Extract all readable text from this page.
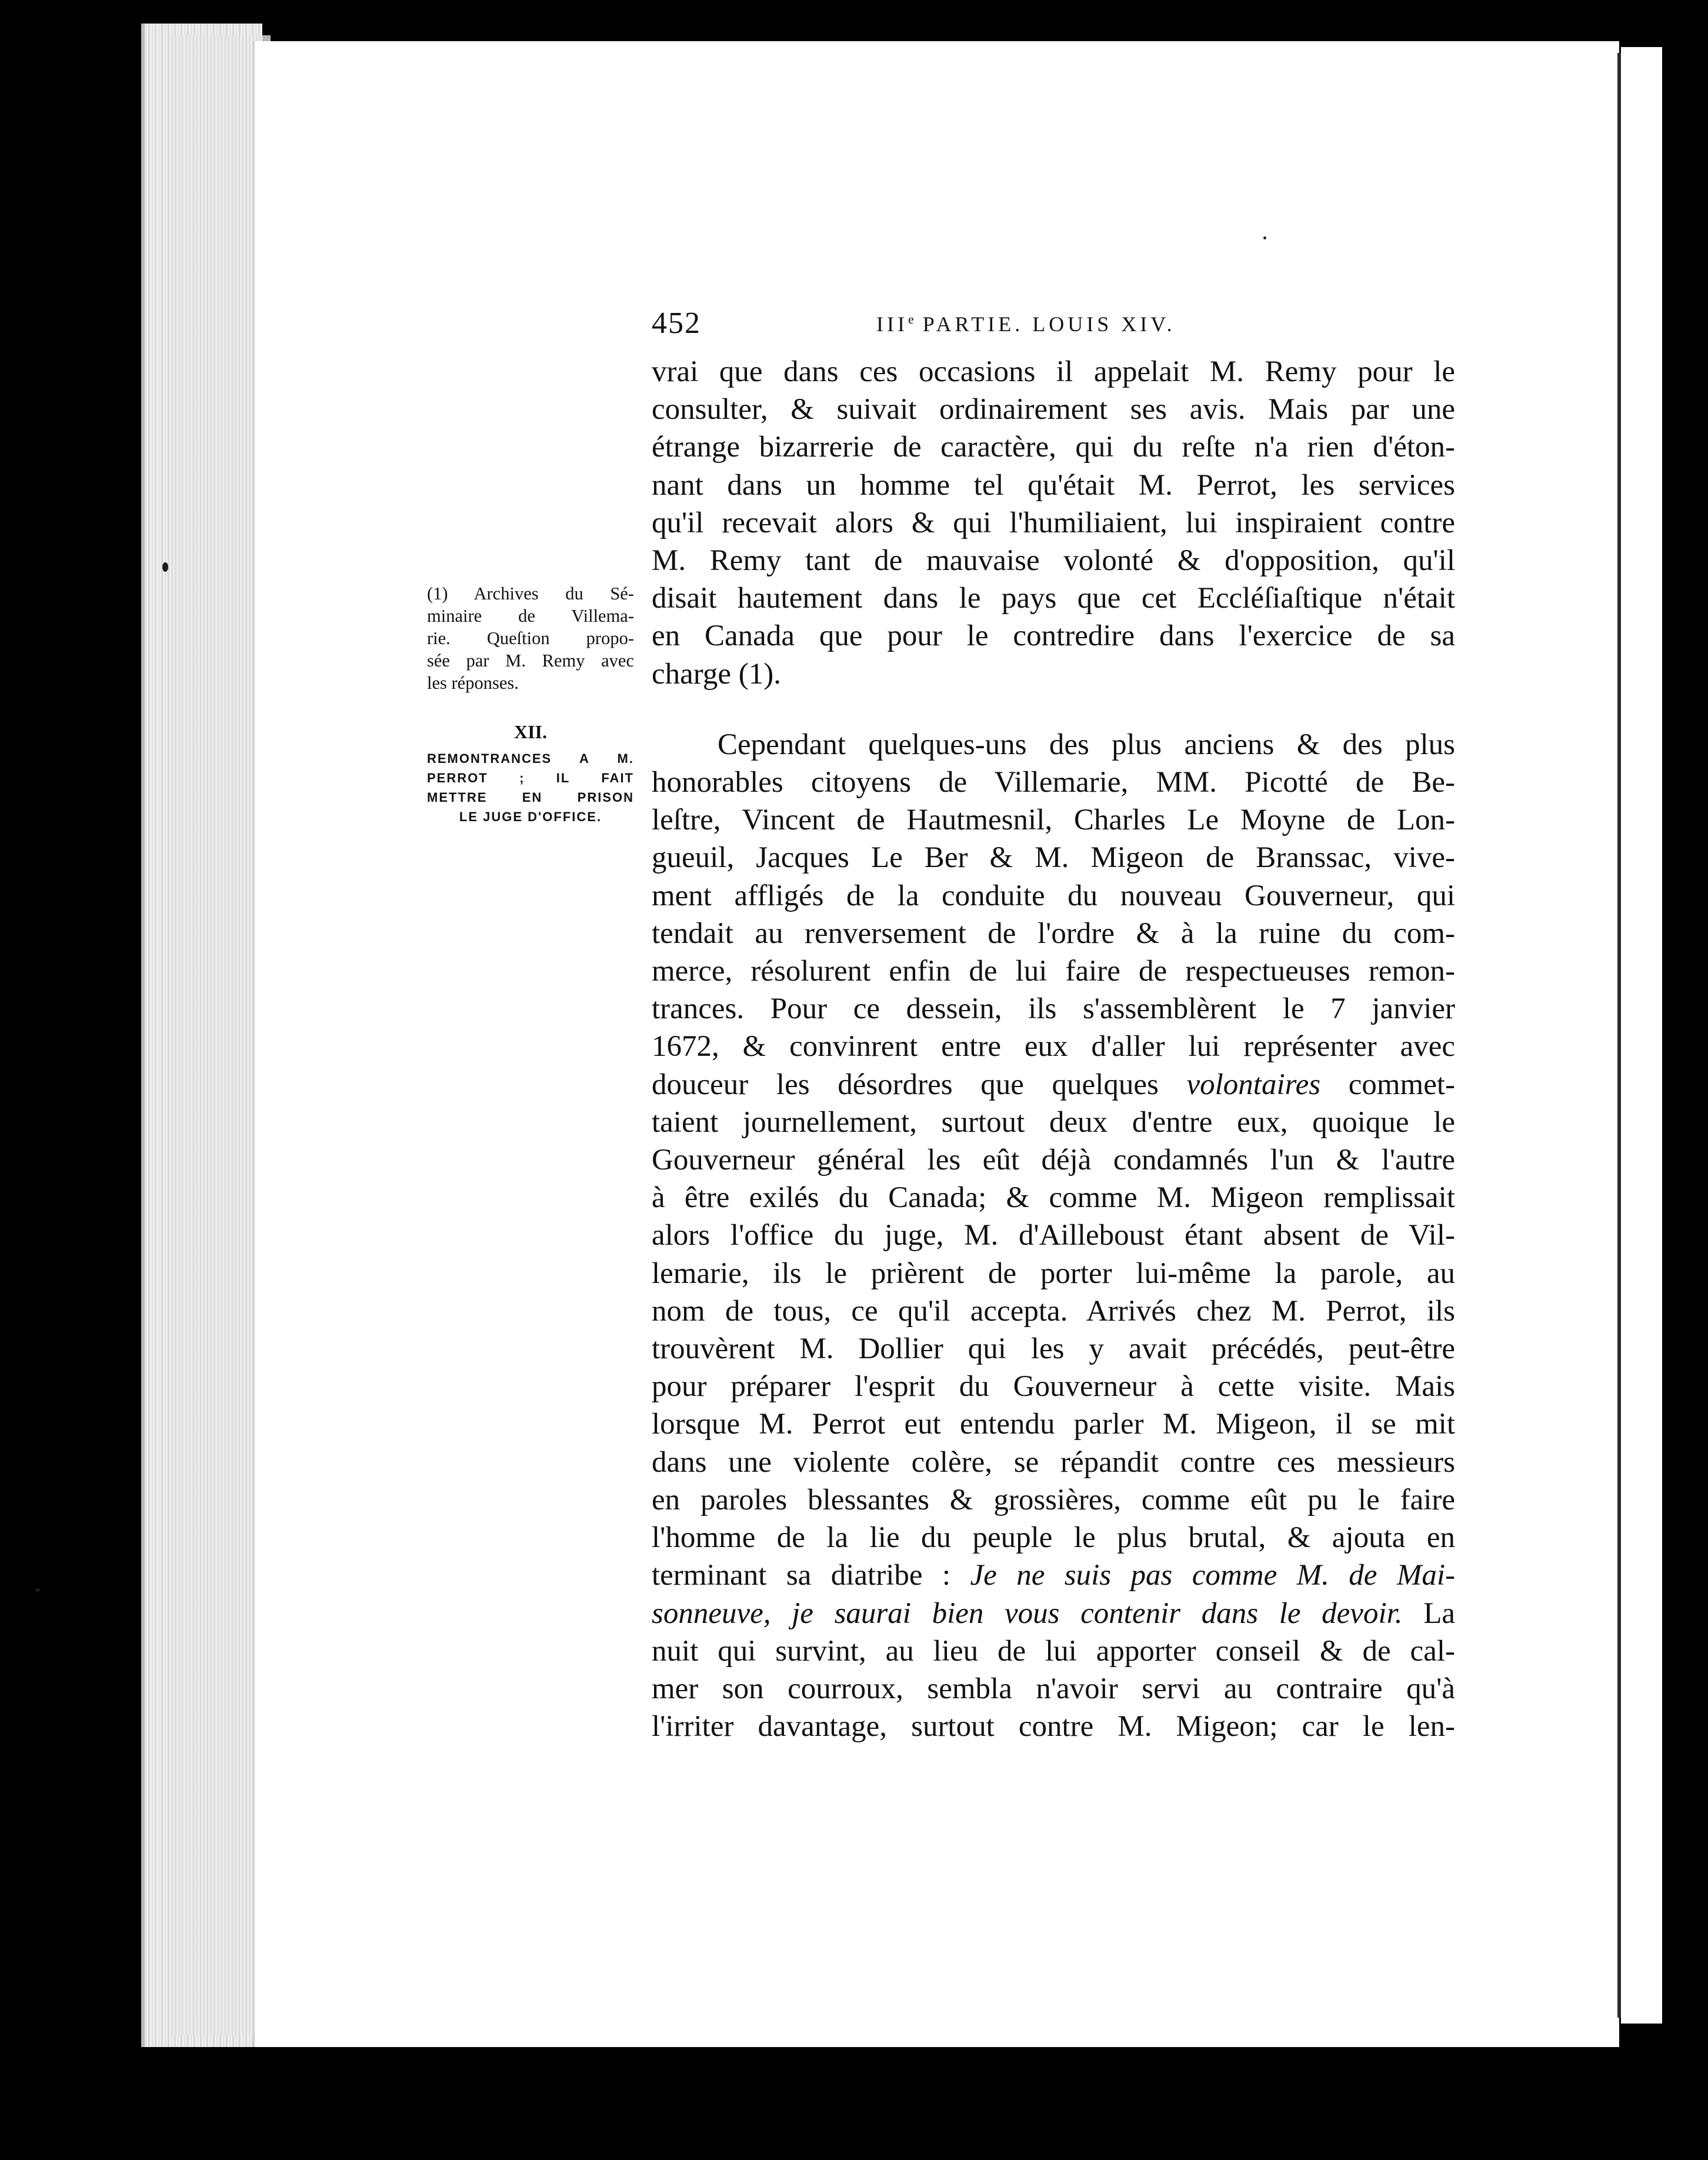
452	IIIe PARTIE. LOUIS XIV.
(1) Archives du Sé-
minaire de Villema-
rie. Queſtion propo-
sée par M. Remy avec
les réponses.
XII.
REMONTRANCES A M.
PERROT ; IL FAIT
METTRE EN PRISON
LE JUGE D'OFFICE.
vrai que dans ces occasions il appelait M. Remy pour le
consulter, & suivait ordinairement ses avis. Mais par une
étrange bizarrerie de caractère, qui du reſte n'a rien d'éton-
nant dans un homme tel qu'était M. Perrot, les services
qu'il recevait alors & qui l'humiliaient, lui inspiraient contre
M. Remy tant de mauvaise volonté & d'opposition, qu'il
disait hautement dans le pays que cet Eccléſiaſtique n'était
en Canada que pour le contredire dans l'exercice de sa
charge (1).
Cependant quelques-uns des plus anciens & des plus
honorables citoyens de Villemarie, MM. Picotté de Be-
leſtre, Vincent de Hautmesnil, Charles Le Moyne de Lon-
gueuil, Jacques Le Ber & M. Migeon de Branssac, vive-
ment affligés de la conduite du nouveau Gouverneur, qui
tendait au renversement de l'ordre & à la ruine du com-
merce, résolurent enfin de lui faire de respectueuses remon-
trances. Pour ce dessein, ils s'assemblèrent le 7 janvier
1672, & convinrent entre eux d'aller lui représenter avec
douceur les désordres que quelques volontaires commet-
taient journellement, surtout deux d'entre eux, quoique le
Gouverneur général les eût déjà condamnés l'un & l'autre
à être exilés du Canada; & comme M. Migeon remplissait
alors l'office du juge, M. d'Ailleboust étant absent de Vil-
lemarie, ils le prièrent de porter lui-même la parole, au
nom de tous, ce qu'il accepta. Arrivés chez M. Perrot, ils
trouvèrent M. Dollier qui les y avait précédés, peut-être
pour préparer l'esprit du Gouverneur à cette visite. Mais
lorsque M. Perrot eut entendu parler M. Migeon, il se mit
dans une violente colère, se répandit contre ces messieurs
en paroles blessantes & grossières, comme eût pu le faire
l'homme de la lie du peuple le plus brutal, & ajouta en
terminant sa diatribe : Je ne suis pas comme M. de Mai-
sonneuve, je saurai bien vous contenir dans le devoir. La
nuit qui survint, au lieu de lui apporter conseil & de cal-
mer son courroux, sembla n'avoir servi au contraire qu'à
l'irriter davantage, surtout contre M. Migeon; car le len-
